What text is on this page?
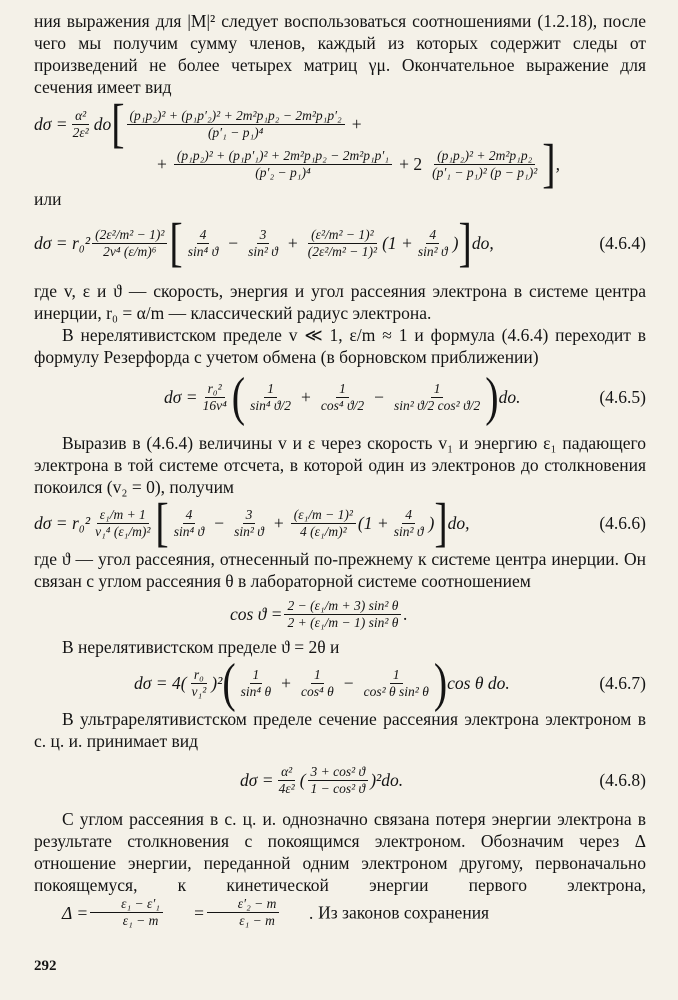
ния выражения для |M|² следует воспользоваться соотношениями (1.2.18), после чего мы получим сумму членов, каждый из которых содержит следы от произведений не более четырех матриц γμ. Окончательное выражение для сечения имеет вид

$d\sigma = \frac{\text{α²}}{\text{2ε²}}$ do [ $\frac{\text{(p₁p₂)² + (p₁p′₂)² + 2m²p₁p₂ − 2m²p₁p′₂}}{\text{(p′₁ − p₁)⁴}}$ +
+ $\frac{\text{(p₁p₂)² + (p₁p′₁)² + 2m²p₁p₂ − 2m²p₁p′₁}}{\text{(p′₂ − p₁)⁴}} + 2 \frac{\text{(p₁p₂)² + 2m²p₁p₂}}{\text{(p′₁ − p₁)² (p − p₁)²}}$ ] ,

или

$d\sigma = r_0^2 \frac{\text{(2ε²/m² − 1)²}}{\text{2v⁴ (ε/m)⁶}}$ [ $\frac{4}{\text{sin⁴ ϑ}} - \frac{3}{\text{sin² ϑ}} + \frac{\text{(ε²/m² − 1)²}}{\text{(2ε²/m² − 1)²}} (1 + \frac{4}{\text{sin² ϑ}}$ ) ] do,	(4.6.4)

где v, ε и ϑ — скорость, энергия и угол рассеяния электрона в системе центра инерции, r₀ = α/m — классический радиус электрона.

В нерелятивистском пределе v ≪ 1, ε/m ≈ 1 и формула (4.6.4) переходит в формулу Резерфорда с учетом обмена (в борновском приближении)

$d\sigma = \frac{\text{r₀²}}{\text{16v⁴}}$ ( $\frac{1}{\text{sin⁴ ϑ/2}} + \frac{1}{\text{cos⁴ ϑ/2}} - \frac{1}{\text{sin² ϑ/2 cos² ϑ/2}}$ ) do.	(4.6.5)

Выразив в (4.6.4) величины v и ε через скорость v₁ и энергию ε₁ падающего электрона в той системе отсчета, в которой один из электронов до столкновения покоился (v₂ = 0), получим

$d\sigma = r_0^2 \frac{\text{ε₁/m + 1}}{\text{v₁⁴ (ε₁/m)²}}$ [ $\frac{4}{\text{sin⁴ ϑ}} - \frac{3}{\text{sin² ϑ}} + \frac{\text{(ε₁/m − 1)²}}{\text{4 (ε₁/m)²}} (1 + \frac{4}{\text{sin² ϑ}}$ ) ] do,	(4.6.6)

где ϑ — угол рассеяния, отнесенный по-прежнему к системе центра инерции. Он связан с углом рассеяния θ в лабораторной системе соотношением

$\cos ϑ = \frac{\text{2 − (ε₁/m + 3) sin² θ}}{\text{2 + (ε₁/m − 1) sin² θ}}$ .

В нерелятивистском пределе ϑ = 2θ и

dσ = 4 ( $\frac{\text{r₀}}{\text{v₁²}} )^2$ ( $\frac{1}{\text{sin⁴ θ}} + \frac{1}{\text{cos⁴ θ}} - \frac{1}{\text{cos² θ sin² θ}}$ ) cos θ do.	(4.6.7)

В ультрарелятивистском пределе сечение рассеяния электрона электроном в с. ц. и. принимает вид

$d\sigma = \frac{\text{α²}}{\text{4ε²}}$ ( $\frac{\text{3 + cos² ϑ}}{\text{1 − cos² ϑ}} )^2$ do.	(4.6.8)

С углом рассеяния в с. ц. и. однозначно связана потеря энергии электрона в результате столкновения с покоящимся электроном. Обозначим через Δ отношение энергии, переданной одним электроном другому, первоначально покоящемуся, к кинетической энергии первого электрона,
$\Delta = \frac{\text{ε₁ − ε′₁}}{\text{ε₁ − m}}$	= $\frac{\text{ε′₂ − m}}{\text{ε₁ − m}}$	. Из законов сохранения

292
